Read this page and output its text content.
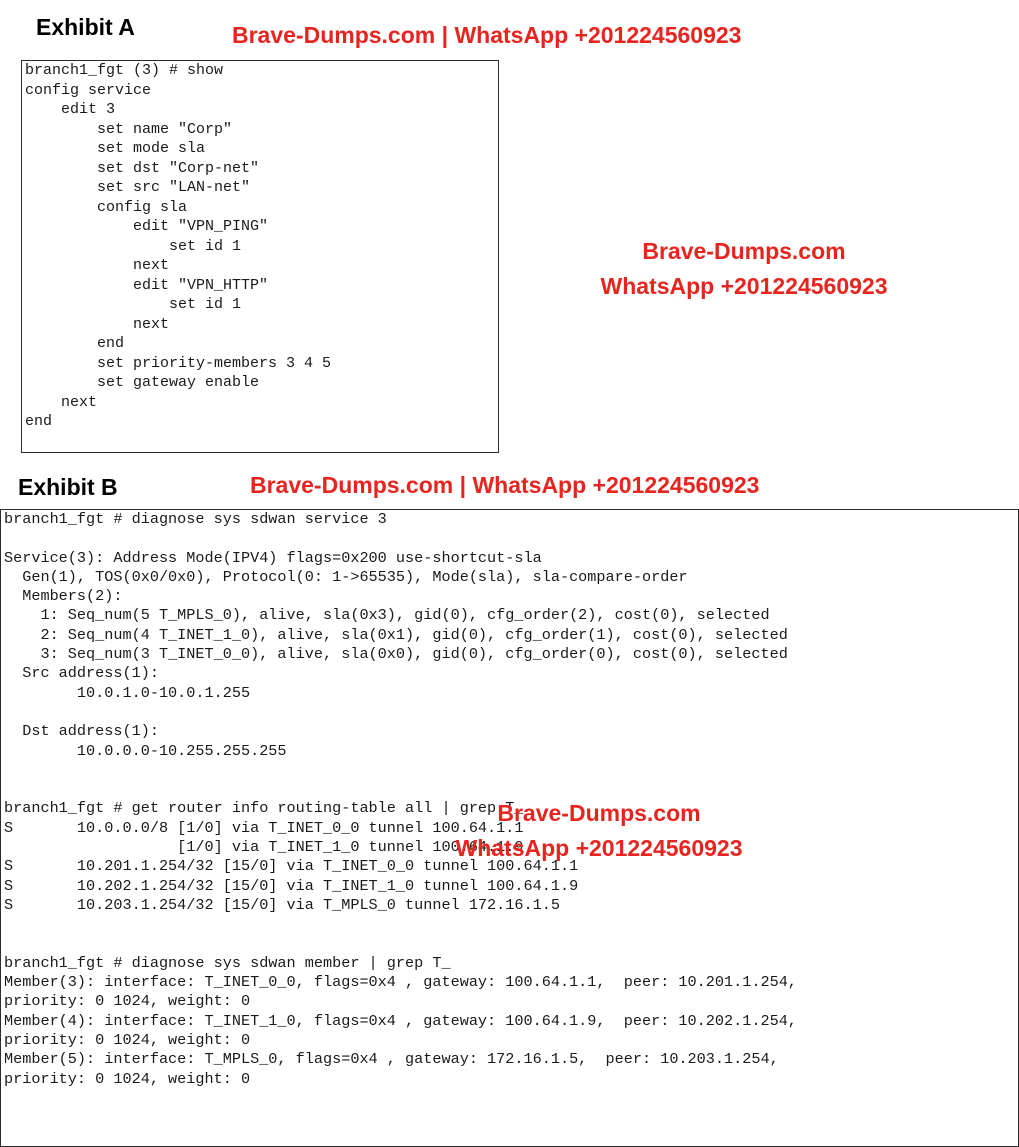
Exhibit A	Brave-Dumps.com | WhatsApp +201224560923
branch1_fgt (3) # show
config service
edit 3
set name "Corp"
set mode sla
set dst "Corp-net"
set src "LAN-net"
config sla
edit "VPN_PING"
set id 1
next
edit "VPN_HTTP"
set id 1
next
end
set priority-members 3 4 5
set gateway enable
next
end
Brave-Dumps.com
WhatsApp +201224560923
Exhibit B	Brave-Dumps.com | WhatsApp +201224560923
branch1_fgt # diagnose sys sdwan service 3

Service(3): Address Mode(IPV4) flags=0x200 use-shortcut-sla
Gen(1), TOS(0x0/0x0), Protocol(0: 1->65535), Mode(sla), sla-compare-order
Members(2):
1: Seq_num(5 T_MPLS_0), alive, sla(0x3), gid(0), cfg_order(2), cost(0), selected
2: Seq_num(4 T_INET_1_0), alive, sla(0x1), gid(0), cfg_order(1), cost(0), selected
3: Seq_num(3 T_INET_0_0), alive, sla(0x0), gid(0), cfg_order(0), cost(0), selected
Src address(1):
10.0.1.0-10.0.1.255

Dst address(1):
10.0.0.0-10.255.255.255

branch1_fgt # get router info routing-table all | grep T_
S       10.0.0.0/8 [1/0] via T_INET_0_0 tunnel 100.64.1.1
[1/0] via T_INET_1_0 tunnel 100.64.1.9
S       10.201.1.254/32 [15/0] via T_INET_0_0 tunnel 100.64.1.1
S       10.202.1.254/32 [15/0] via T_INET_1_0 tunnel 100.64.1.9
S       10.203.1.254/32 [15/0] via T_MPLS_0 tunnel 172.16.1.5

branch1_fgt # diagnose sys sdwan member | grep T_
Member(3): interface: T_INET_0_0, flags=0x4 , gateway: 100.64.1.1,  peer: 10.201.1.254,
priority: 0 1024, weight: 0
Member(4): interface: T_INET_1_0, flags=0x4 , gateway: 100.64.1.9,  peer: 10.202.1.254,
priority: 0 1024, weight: 0
Member(5): interface: T_MPLS_0, flags=0x4 , gateway: 172.16.1.5,  peer: 10.203.1.254,
priority: 0 1024, weight: 0
Brave-Dumps.com
WhatsApp +201224560923
